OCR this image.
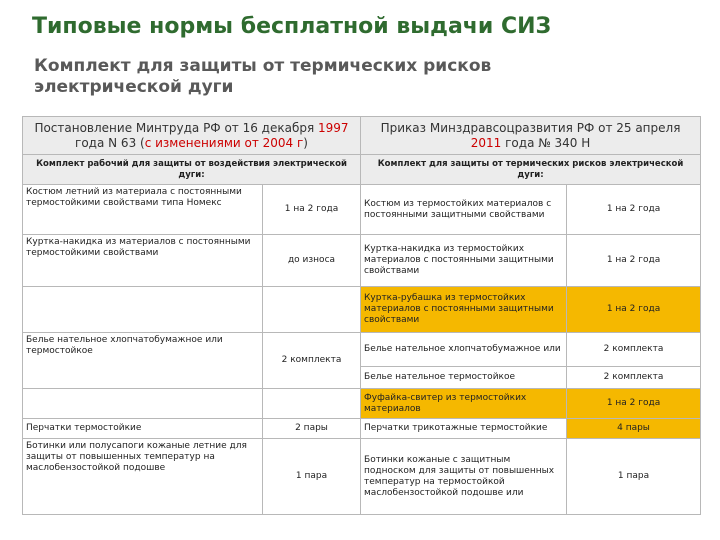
Типовые нормы бесплатной выдачи СИЗ
Комплект для защиты от термических рисков электрической дуги
Постановление Минтруда РФ от 16 декабря 1997 года N 63 (с изменениями от 2004 г)		Приказ Минздравсоцразвития РФ от 25 апреля 2011 года № 340 Н	
Комплект рабочий для защиты от воздействия электрической дуги:		Комплект для защиты от термических рисков электрической дуги:	
Костюм летний из материала с постоянными термостойкими свойствами типа Номекс	1 на 2 года	Костюм из термостойких материалов с постоянными защитными свойствами	1 на 2 года
Куртка-накидка из материалов с постоянными термостойкими свойствами	до износа	Куртка-накидка из термостойких материалов с постоянными защитными свойствами	1 на 2 года
		Куртка-рубашка из термостойких материалов с постоянными защитными свойствами	1 на 2 года
Белье нательное хлопчатобумажное или термостойкое	2 комплекта	Белье нательное хлопчатобумажное или	2 комплекта
		Белье нательное термостойкое	2 комплекта
		Фуфайка-свитер из термостойких материалов	1 на 2 года
Перчатки термостойкие	2 пары	Перчатки трикотажные термостойкие	4 пары
Ботинки или полусапоги кожаные летние для защиты от повышенных температур на маслобензостойкой подошве	1 пара	Ботинки кожаные с защитным подноском для защиты от повышенных температур на термостойкой маслобензостойкой подошве или	1 пара
